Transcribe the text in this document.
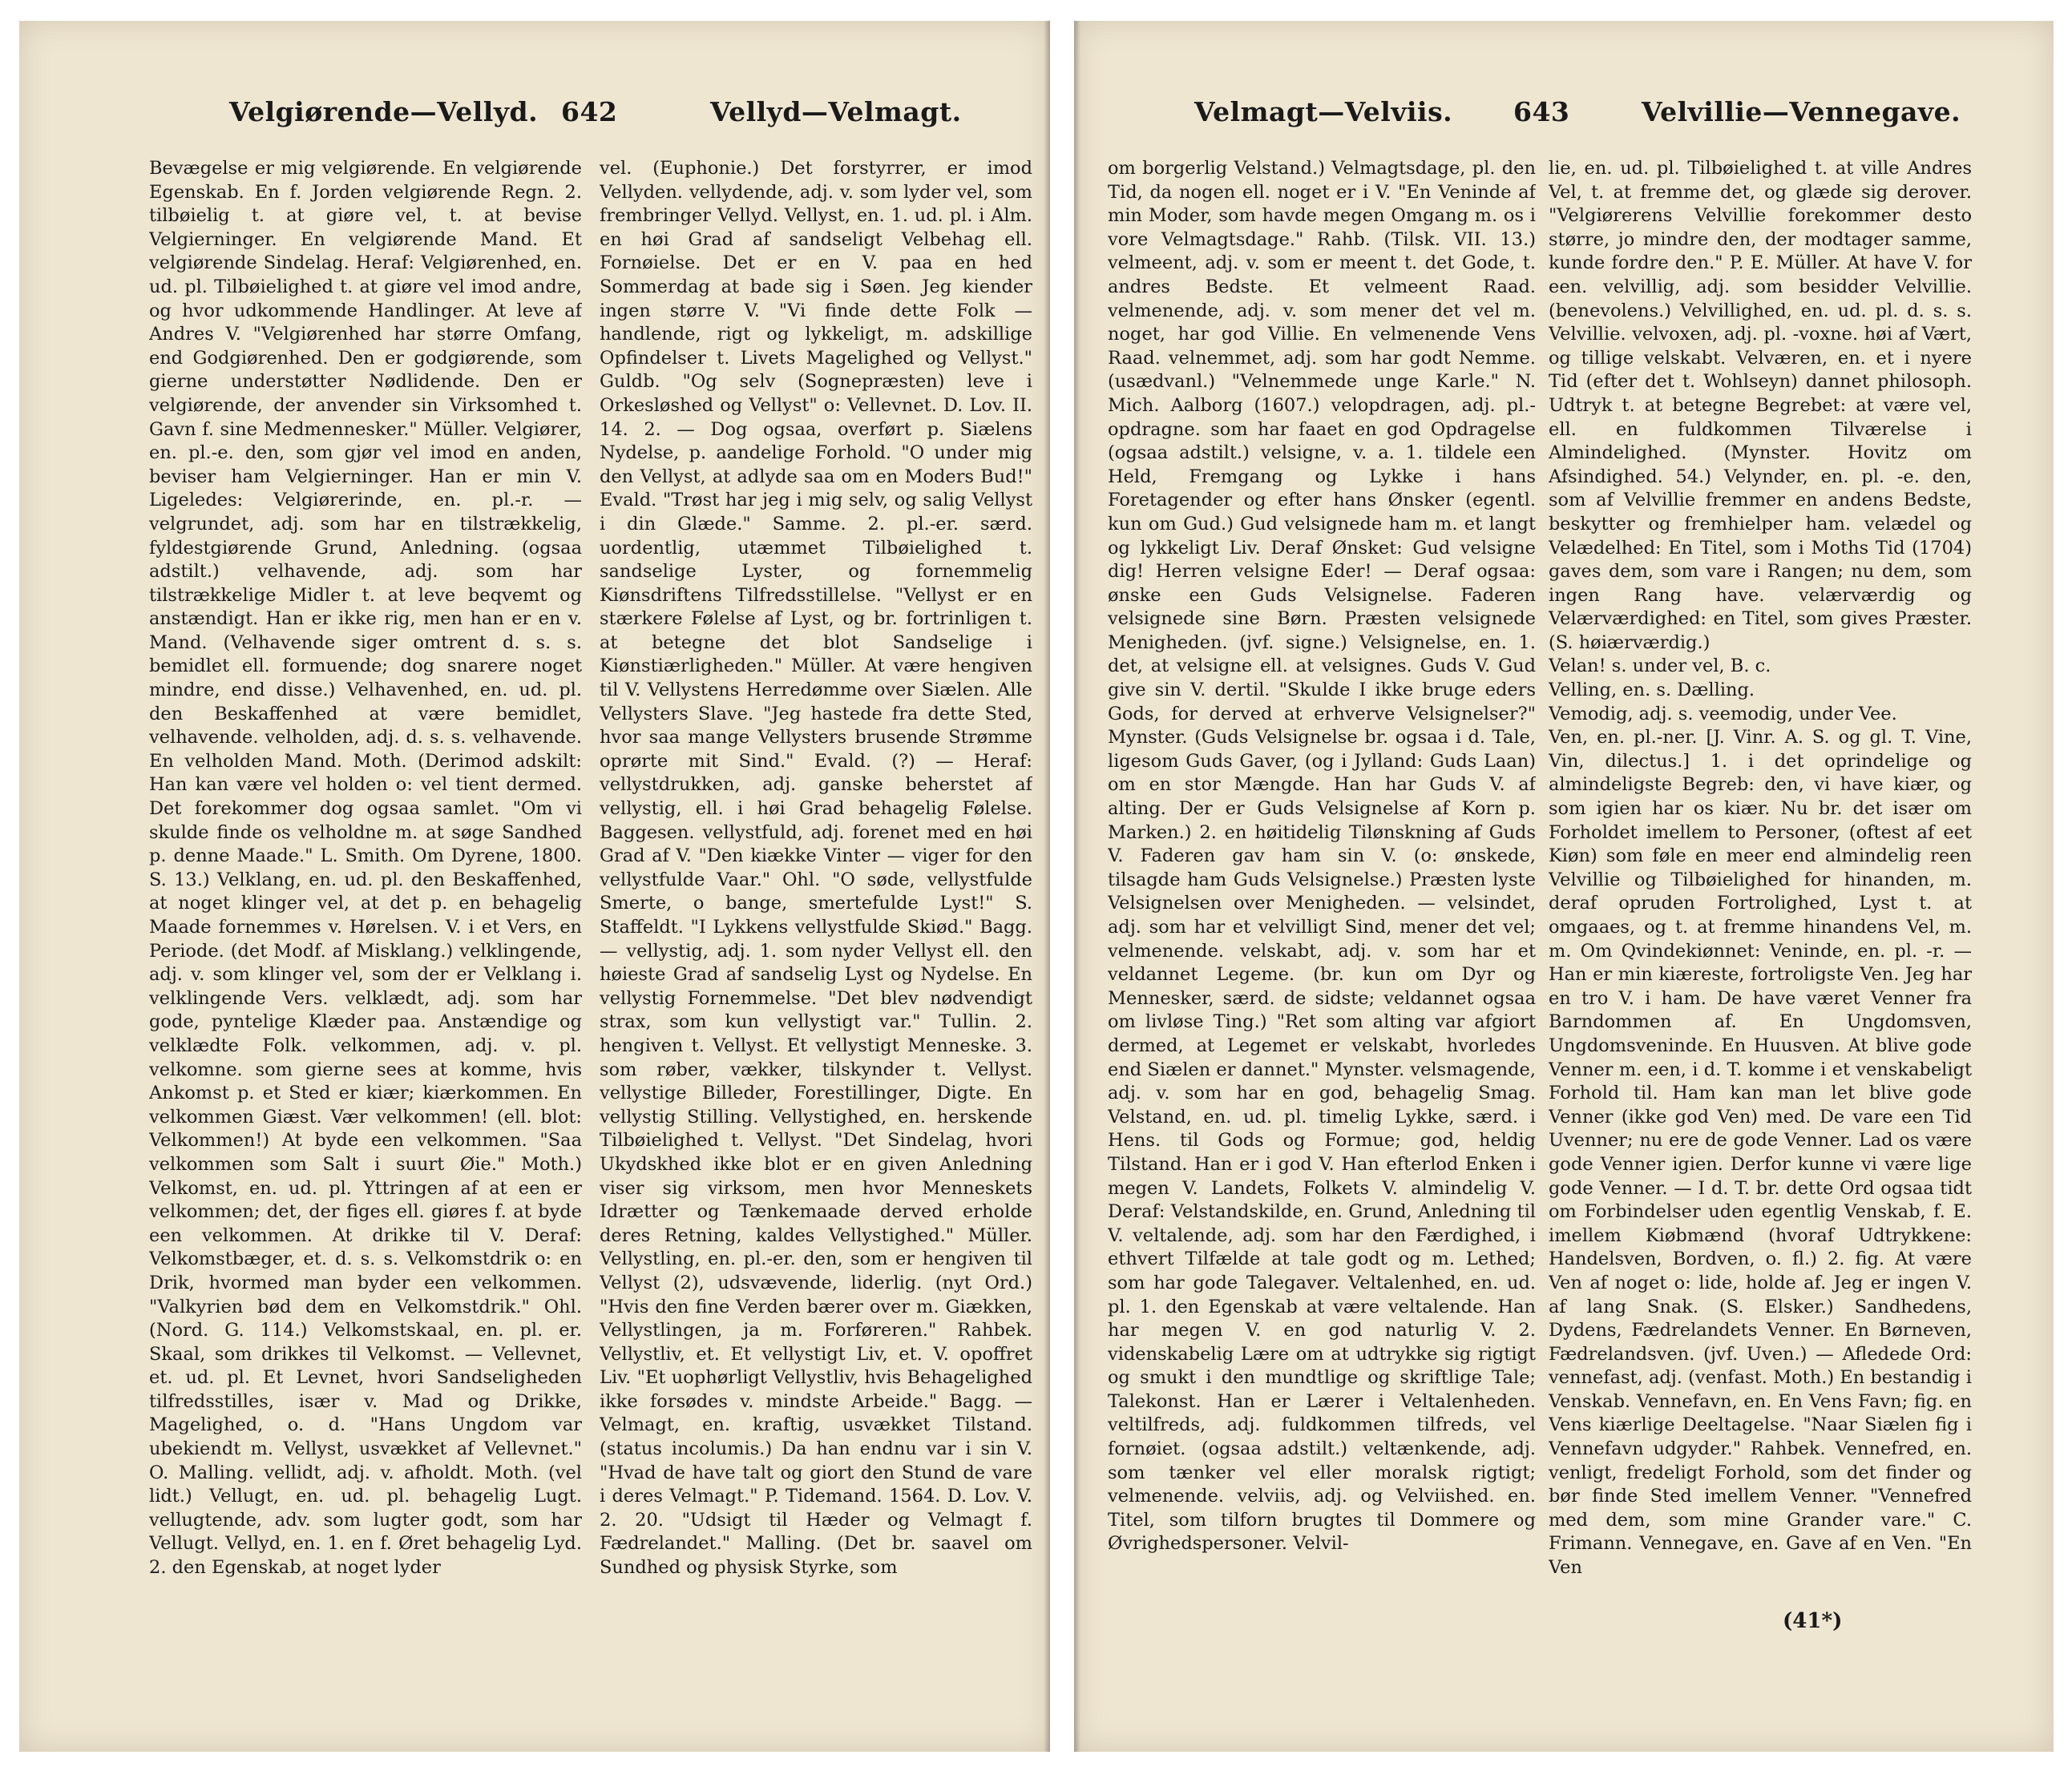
Velgiørende—Vellyd. 642	Vellyd—Velmagt.

Bevægelse er mig velgiørende. En velgiørende Egenskab. En f. Jorden velgiørende Regn. 2. tilbøielig t. at giøre vel, t. at bevise Velgierninger. En velgiørende Mand. Et velgiørende Sindelag. Heraf: Velgiørenhed, en. ud. pl. Tilbøielighed t. at giøre vel imod andre, og hvor udkommende Handlinger. At leve af Andres V. "Velgiørenhed har større Omfang, end Godgiørenhed. Den er godgiørende, som gierne understøtter Nødlidende. Den er velgiørende, der anvender sin Virksomhed t. Gavn f. sine Medmennesker." Müller. Velgiører, en. pl.-e. den, som gjør vel imod en anden, beviser ham Velgierninger. Han er min V. Ligeledes: Velgiørerinde, en. pl.-r. — velgrundet, adj. som har en tilstrækkelig, fyldestgiørende Grund, Anledning. (ogsaa adstilt.) velhavende, adj. som har tilstrækkelige Midler t. at leve beqvemt og anstændigt. Han er ikke rig, men han er en v. Mand. (Velhavende siger omtrent d. s. s. bemidlet ell. formuende; dog snarere noget mindre, end disse.) Velhavenhed, en. ud. pl. den Beskaffenhed at være bemidlet, velhavende. velholden, adj. d. s. s. velhavende. En velholden Mand. Moth. (Derimod adskilt: Han kan være vel holden o: vel tient dermed. Det forekommer dog ogsaa samlet. "Om vi skulde finde os velholdne m. at søge Sandhed p. denne Maade." L. Smith. Om Dyrene, 1800. S. 13.) Velklang, en. ud. pl. den Beskaffenhed, at noget klinger vel, at det p. en behagelig Maade fornemmes v. Hørelsen. V. i et Vers, en Periode. (det Modf. af Misklang.) velklingende, adj. v. som klinger vel, som der er Velklang i. velklingende Vers. velklædt, adj. som har gode, pyntelige Klæder paa. Anstændige og velklædte Folk. velkommen, adj. v. pl. velkomne. som gierne sees at komme, hvis Ankomst p. et Sted er kiær; kiærkommen. En velkommen Giæst. Vær velkommen! (ell. blot: Velkommen!) At byde een velkommen. "Saa velkommen som Salt i suurt Øie." Moth.) Velkomst, en. ud. pl. Yttringen af at een er velkommen; det, der figes ell. giøres f. at byde een velkommen. At drikke til V. Deraf: Velkomstbæger, et. d. s. s. Velkomstdrik o: en Drik, hvormed man byder een velkommen. "Valkyrien bød dem en Velkomstdrik." Ohl. (Nord. G. 114.) Velkomstskaal, en. pl. er. Skaal, som drikkes til Velkomst. — Vellevnet, et. ud. pl. Et Levnet, hvori Sandseligheden tilfredsstilles, især v. Mad og Drikke, Magelighed, o. d. "Hans Ungdom var ubekiendt m. Vellyst, usvækket af Vellevnet." O. Malling. vellidt, adj. v. afholdt. Moth. (vel lidt.) Vellugt, en. ud. pl. behagelig Lugt. vellugtende, adv. som lugter godt, som har Vellugt. Vellyd, en. 1. en f. Øret behagelig Lyd. 2. den Egenskab, at noget lyder

vel. (Euphonie.) Det forstyrrer, er imod Vellyden. vellydende, adj. v. som lyder vel, som frembringer Vellyd. Vellyst, en. 1. ud. pl. i Alm. en høi Grad af sandseligt Velbehag ell. Fornøielse. Det er en V. paa en hed Sommerdag at bade sig i Søen. Jeg kiender ingen større V. "Vi finde dette Folk — handlende, rigt og lykkeligt, m. adskillige Opfindelser t. Livets Magelighed og Vellyst." Guldb. "Og selv (Sognepræsten) leve i Orkesløshed og Vellyst" o: Vellevnet. D. Lov. II. 14. 2. — Dog ogsaa, overført p. Siælens Nydelse, p. aandelige Forhold. "O under mig den Vellyst, at adlyde saa om en Moders Bud!" Evald. "Trøst har jeg i mig selv, og salig Vellyst i din Glæde." Samme. 2. pl.-er. særd. uordentlig, utæmmet Tilbøielighed t. sandselige Lyster, og fornemmelig Kiønsdriftens Tilfredsstillelse. "Vellyst er en stærkere Følelse af Lyst, og br. fortrinligen t. at betegne det blot Sandselige i Kiønstiærligheden." Müller. At være hengiven til V. Vellystens Herredømme over Siælen. Alle Vellysters Slave. "Jeg hastede fra dette Sted, hvor saa mange Vellysters brusende Strømme oprørte mit Sind." Evald. (?) — Heraf: vellystdrukken, adj. ganske beherstet af vellystig, ell. i høi Grad behagelig Følelse. Baggesen. vellystfuld, adj. forenet med en høi Grad af V. "Den kiække Vinter — viger for den vellystfulde Vaar." Ohl. "O søde, vellystfulde Smerte, o bange, smertefulde Lyst!" S. Staffeldt. "I Lykkens vellystfulde Skiød." Bagg. — vellystig, adj. 1. som nyder Vellyst ell. den høieste Grad af sandselig Lyst og Nydelse. En vellystig Fornemmelse. "Det blev nødvendigt strax, som kun vellystigt var." Tullin. 2. hengiven t. Vellyst. Et vellystigt Menneske. 3. som røber, vækker, tilskynder t. Vellyst. vellystige Billeder, Forestillinger, Digte. En vellystig Stilling. Vellystighed, en. herskende Tilbøielighed t. Vellyst. "Det Sindelag, hvori Ukydskhed ikke blot er en given Anledning viser sig virksom, men hvor Menneskets Idrætter og Tænkemaade derved erholde deres Retning, kaldes Vellystighed." Müller. Vellystling, en. pl.-er. den, som er hengiven til Vellyst (2), udsvævende, liderlig. (nyt Ord.) "Hvis den fine Verden bærer over m. Giækken, Vellystlingen, ja m. Forføreren." Rahbek. Vellystliv, et. Et vellystigt Liv, et. V. opoffret Liv. "Et uophørligt Vellystliv, hvis Behagelighed ikke forsødes v. mindste Arbeide." Bagg. — Velmagt, en. kraftig, usvækket Tilstand. (status incolumis.) Da han endnu var i sin V. "Hvad de have talt og giort den Stund de vare i deres Velmagt." P. Tidemand. 1564. D. Lov. V. 2. 20. "Udsigt til Hæder og Velmagt f. Fædrelandet." Malling. (Det br. saavel om Sundhed og physisk Styrke, som

Velmagt—Velviis. 643	Velvillie—Vennegave.

om borgerlig Velstand.) Velmagtsdage, pl. den Tid, da nogen ell. noget er i V. "En Veninde af min Moder, som havde megen Omgang m. os i vore Velmagtsdage." Rahb. (Tilsk. VII. 13.) velmeent, adj. v. som er meent t. det Gode, t. andres Bedste. Et velmeent Raad. velmenende, adj. v. som mener det vel m. noget, har god Villie. En velmenende Vens Raad. velnemmet, adj. som har godt Nemme. (usædvanl.) "Velnemmede unge Karle." N. Mich. Aalborg (1607.) velopdragen, adj. pl.-opdragne. som har faaet en god Opdragelse (ogsaa adstilt.) velsigne, v. a. 1. tildele een Held, Fremgang og Lykke i hans Foretagender og efter hans Ønsker (egentl. kun om Gud.) Gud velsignede ham m. et langt og lykkeligt Liv. Deraf Ønsket: Gud velsigne dig! Herren velsigne Eder! — Deraf ogsaa: ønske een Guds Velsignelse. Faderen velsignede sine Børn. Præsten velsignede Menigheden. (jvf. signe.) Velsignelse, en. 1. det, at velsigne ell. at velsignes. Guds V. Gud give sin V. dertil. "Skulde I ikke bruge eders Gods, for derved at erhverve Velsignelser?" Mynster. (Guds Velsignelse br. ogsaa i d. Tale, ligesom Guds Gaver, (og i Jylland: Guds Laan) om en stor Mængde. Han har Guds V. af alting. Der er Guds Velsignelse af Korn p. Marken.) 2. en høitidelig Tilønskning af Guds V. Faderen gav ham sin V. (o: ønskede, tilsagde ham Guds Velsignelse.) Præsten lyste Velsignelsen over Menigheden. — velsindet, adj. som har et velvilligt Sind, mener det vel; velmenende. velskabt, adj. v. som har et veldannet Legeme. (br. kun om Dyr og Mennesker, særd. de sidste; veldannet ogsaa om livløse Ting.) "Ret som alting var afgiort dermed, at Legemet er velskabt, hvorledes end Siælen er dannet." Mynster. velsmagende, adj. v. som har en god, behagelig Smag. Velstand, en. ud. pl. timelig Lykke, særd. i Hens. til Gods og Formue; god, heldig Tilstand. Han er i god V. Han efterlod Enken i megen V. Landets, Folkets V. almindelig V. Deraf: Velstandskilde, en. Grund, Anledning til V. veltalende, adj. som har den Færdighed, i ethvert Tilfælde at tale godt og m. Lethed; som har gode Talegaver. Veltalenhed, en. ud. pl. 1. den Egenskab at være veltalende. Han har megen V. en god naturlig V. 2. videnskabelig Lære om at udtrykke sig rigtigt og smukt i den mundtlige og skriftlige Tale; Talekonst. Han er Lærer i Veltalenheden. veltilfreds, adj. fuldkommen tilfreds, vel fornøiet. (ogsaa adstilt.) veltænkende, adj. som tænker vel eller moralsk rigtigt; velmenende. velviis, adj. og Velviished. en. Titel, som tilforn brugtes til Dommere og Øvrighedspersoner. Velvil-

lie, en. ud. pl. Tilbøielighed t. at ville Andres Vel, t. at fremme det, og glæde sig derover. "Velgiørerens Velvillie forekommer desto større, jo mindre den, der modtager samme, kunde fordre den." P. E. Müller. At have V. for een. velvillig, adj. som besidder Velvillie. (benevolens.) Velvillighed, en. ud. pl. d. s. s. Velvillie. velvoxen, adj. pl. -voxne. høi af Vært, og tillige velskabt. Velværen, en. et i nyere Tid (efter det t. Wohlseyn) dannet philosoph. Udtryk t. at betegne Begrebet: at være vel, ell. en fuldkommen Tilværelse i Almindelighed. (Mynster. Hovitz om Afsindighed. 54.) Velynder, en. pl. -e. den, som af Velvillie fremmer en andens Bedste, beskytter og fremhielper ham. velædel og Velædelhed: En Titel, som i Moths Tid (1704) gaves dem, som vare i Rangen; nu dem, som ingen Rang have. velærværdig og Velærværdighed: en Titel, som gives Præster. (S. høiærværdig.)
Velan! s. under vel, B. c.
Velling, en. s. Dælling.
Vemodig, adj. s. veemodig, under Vee.
Ven, en. pl.-ner. [J. Vinr. A. S. og gl. T. Vine, Vin, dilectus.] 1. i det oprindelige og almindeligste Begreb: den, vi have kiær, og som igien har os kiær. Nu br. det især om Forholdet imellem to Personer, (oftest af eet Kiøn) som føle en meer end almindelig reen Velvillie og Tilbøielighed for hinanden, m. deraf opruden Fortrolighed, Lyst t. at omgaaes, og t. at fremme hinandens Vel, m. m. Om Qvindekiønnet: Veninde, en. pl. -r. — Han er min kiæreste, fortroligste Ven. Jeg har en tro V. i ham. De have været Venner fra Barndommen af. En Ungdomsven, Ungdomsveninde. En Huusven. At blive gode Venner m. een, i d. T. komme i et venskabeligt Forhold til. Ham kan man let blive gode Venner (ikke god Ven) med. De vare een Tid Uvenner; nu ere de gode Venner. Lad os være gode Venner igien. Derfor kunne vi være lige gode Venner. — I d. T. br. dette Ord ogsaa tidt om Forbindelser uden egentlig Venskab, f. E. imellem Kiøbmænd (hvoraf Udtrykkene: Handelsven, Bordven, o. fl.) 2. fig. At være Ven af noget o: lide, holde af. Jeg er ingen V. af lang Snak. (S. Elsker.) Sandhedens, Dydens, Fædrelandets Venner. En Børneven, Fædrelandsven. (jvf. Uven.) — Afledede Ord: vennefast, adj. (venfast. Moth.) En bestandig i Venskab. Vennefavn, en. En Vens Favn; fig. en Vens kiærlige Deeltagelse. "Naar Siælen fig i Vennefavn udgyder." Rahbek. Vennefred, en. venligt, fredeligt Forhold, som det finder og bør finde Sted imellem Venner. "Vennefred med dem, som mine Grander vare." C. Frimann. Vennegave, en. Gave af en Ven. "En Ven

(41*)
